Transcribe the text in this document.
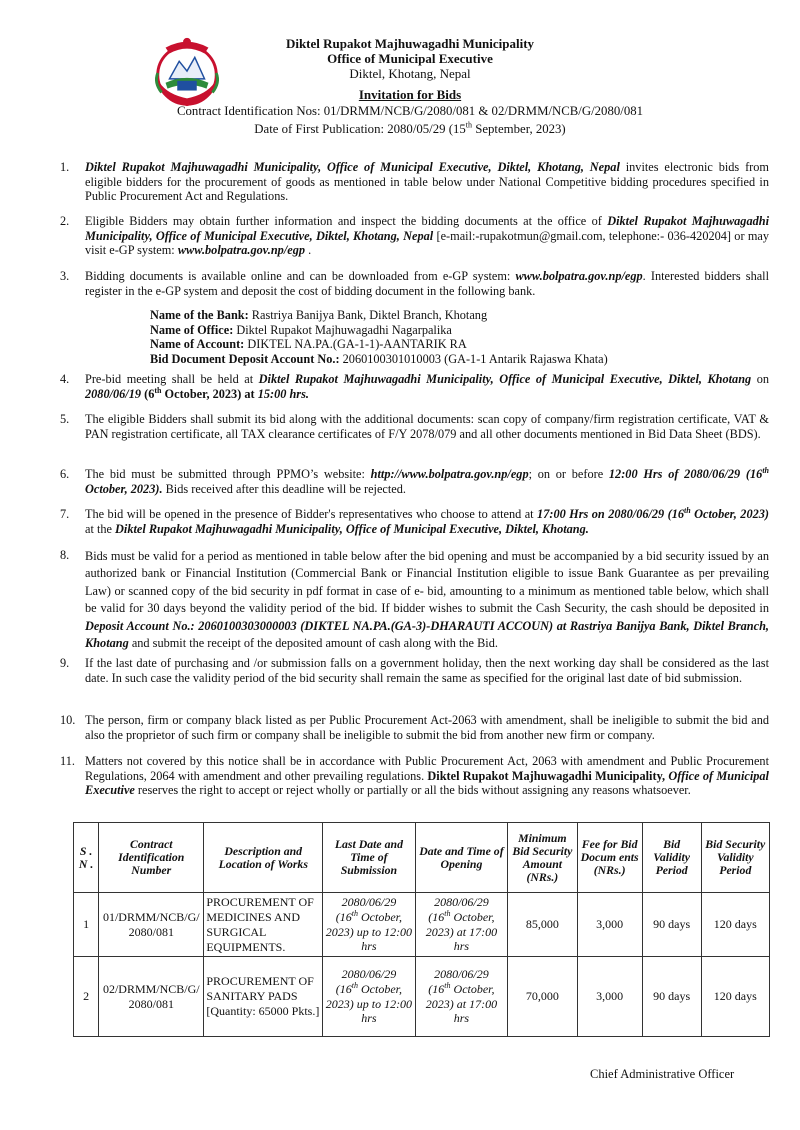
Diktel Rupakot Majhuwagadhi Municipality
Office of Municipal Executive
Diktel, Khotang, Nepal
Invitation for Bids
Contract Identification Nos: 01/DRMM/NCB/G/2080/081 & 02/DRMM/NCB/G/2080/081
Date of First Publication: 2080/05/29 (15th September, 2023)
1. Diktel Rupakot Majhuwagadhi Municipality, Office of Municipal Executive, Diktel, Khotang, Nepal invites electronic bids from eligible bidders for the procurement of goods as mentioned in table below under National Competitive bidding procedures specified in Public Procurement Act and Regulations.
2. Eligible Bidders may obtain further information and inspect the bidding documents at the office of Diktel Rupakot Majhuwagadhi Municipality, Office of Municipal Executive, Diktel, Khotang, Nepal [e-mail:-rupakotmun@gmail.com, telephone:- 036-420204] or may visit e-GP system: www.bolpatra.gov.np/egp .
3. Bidding documents is available online and can be downloaded from e-GP system: www.bolpatra.gov.np/egp. Interested bidders shall register in the e-GP system and deposit the cost of bidding document in the following bank.
Name of the Bank: Rastriya Banijya Bank, Diktel Branch, Khotang
Name of Office: Diktel Rupakot Majhuwagadhi Nagarpalika
Name of Account: DIKTEL NA.PA.(GA-1-1)-AANTARIK RA
Bid Document Deposit Account No.: 2060100301010003 (GA-1-1 Antarik Rajaswa Khata)
4. Pre-bid meeting shall be held at Diktel Rupakot Majhuwagadhi Municipality, Office of Municipal Executive, Diktel, Khotang on 2080/06/19 (6th October, 2023) at 15:00 hrs.
5. The eligible Bidders shall submit its bid along with the additional documents: scan copy of company/firm registration certificate, VAT & PAN registration certificate, all TAX clearance certificates of F/Y 2078/079 and all other documents mentioned in Bid Data Sheet (BDS).
6. The bid must be submitted through PPMO’s website: http://www.bolpatra.gov.np/egp; on or before 12:00 Hrs of 2080/06/29 (16th October, 2023). Bids received after this deadline will be rejected.
7. The bid will be opened in the presence of Bidder's representatives who choose to attend at 17:00 Hrs on 2080/06/29 (16th October, 2023) at the Diktel Rupakot Majhuwagadhi Municipality, Office of Municipal Executive, Diktel, Khotang.
8. Bids must be valid for a period as mentioned in table below after the bid opening and must be accompanied by a bid security issued by an authorized bank or Financial Institution (Commercial Bank or Financial Institution eligible to issue Bank Guarantee as per prevailing Law) or scanned copy of the bid security in pdf format in case of e- bid, amounting to a minimum as mentioned table below, which shall be valid for 30 days beyond the validity period of the bid. If bidder wishes to submit the Cash Security, the cash should be deposited in Deposit Account No.: 2060100303000003 (DIKTEL NA.PA.(GA-3)-DHARAUTI ACCOUN) at Rastriya Banijya Bank, Diktel Branch, Khotang and submit the receipt of the deposited amount of cash along with the Bid.
9. If the last date of purchasing and /or submission falls on a government holiday, then the next working day shall be considered as the last date. In such case the validity period of the bid security shall remain the same as specified for the original last date of bid submission.
10. The person, firm or company black listed as per Public Procurement Act-2063 with amendment, shall be ineligible to submit the bid and also the proprietor of such firm or company shall be ineligible to submit the bid from another new firm or company.
11. Matters not covered by this notice shall be in accordance with Public Procurement Act, 2063 with amendment and Public Procurement Regulations, 2064 with amendment and other prevailing regulations. Diktel Rupakot Majhuwagadhi Municipality, Office of Municipal Executive reserves the right to accept or reject wholly or partially or all the bids without assigning any reasons whatsoever.
S . N .	Contract Identification Number	Description and Location of Works	Last Date and Time of Submission	Date and Time of Opening	Minimum Bid Security Amount (NRs.)	Fee for Bid Docum ents (NRs.)	Bid Validity Period	Bid Security Validity Period
1	01/DRMM/NCB/G/2080/081	PROCUREMENT OF MEDICINES AND SURGICAL EQUIPMENTS.	2080/06/29
(16th October, 2023) up to 12:00 hrs	2080/06/29
(16th October, 2023) at 17:00 hrs	85,000	3,000	90 days	120 days
2	02/DRMM/NCB/G/2080/081	PROCUREMENT OF SANITARY PADS
[Quantity: 65000 Pkts.]	2080/06/29
(16th October, 2023) up to 12:00 hrs	2080/06/29
(16th October, 2023) at 17:00 hrs	70,000	3,000	90 days	120 days
Chief Administrative Officer
